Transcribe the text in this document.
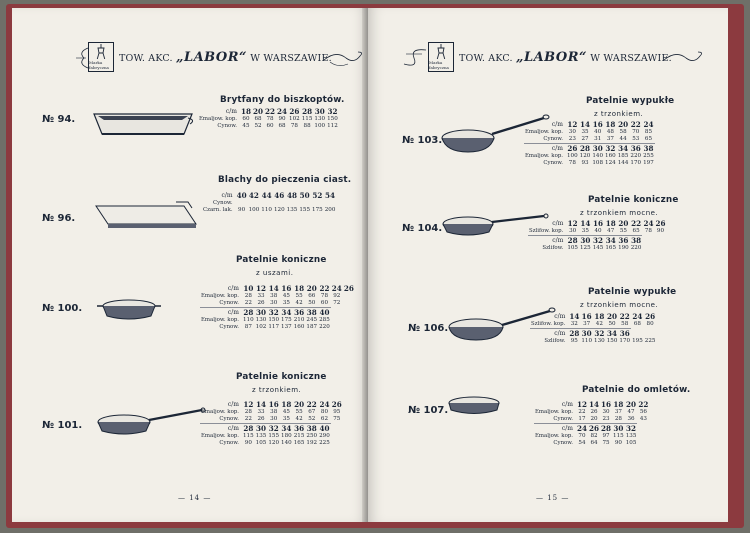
Marka fabryczna
TOW. AKC. „LABOR“ W WARSZAWIE.
№ 94.
Brytfany do biszkoptów.
c/m	18	20	22	24	26	28	30	32
Emaljow. kop.	60	68	78	90	102	115	130	150
Cynow.	45	52	60	68	78	88	100	112
Blachy do pieczenia ciast.
№ 96.
c/m	40	42	44	46	48	50	52	54
Cynow.								
Czarn. lak.	90	100	110	120	135	155	175	200
Patelnie koniczne
z uszami.
№ 100.
c/m	10	12	14	16	18	20	22	24	26
Emaljow. kop.	28	33	38	45	55	66	78	92	
Cynow.	22	26	30	35	42	50	60	72	
c/m	28	30	32	34	36	38	40		
Emaljow. kop.	110	130	150	175	210	245	285		
Cynow.	87	102	117	137	160	187	220		
Patelnie koniczne
z trzonkiem.
№ 101.
c/m	12	14	16	18	20	22	24	26
Emaljow. kop.	28	33	38	45	55	67	80	95
Cynow.	22	26	30	35	42	52	62	75
c/m	28	30	32	34	36	38	40	
Emaljow. kop.	115	135	155	180	215	250	290	
Cynow.	90	105	120	140	165	192	225	
— 14 —
Marka fabryczna
TOW. AKC. „LABOR“ W WARSZAWIE.
Patelnie wypukłe
z trzonkiem.
№ 103.
c/m	12	14	16	18	20	22	24
Emaljow. kop.	30	35	40	48	58	70	85
Cynow.	23	27	31	37	44	53	65
c/m	26	28	30	32	34	36	38
Emaljow. kop.	100	120	140	160	185	220	255
Cynow.	78	93	108	124	144	170	197
Patelnie koniczne
z trzonkiem mocne.
№ 104.	c/m	12	14	16	18	20	22	24	26
Szlifow. kop.	30	35	40	47	55	65	78	90
c/m	28	30	32	34	36	38		
Szlifow.	105	125	145	165	190	220		
Patelnie wypukłe
z trzonkiem mocne.
№ 106.
c/m	14	16	18	20	22	24	26
Szlifow. kop.	32	37	42	50	58	68	80
c/m	28	30	32	34	36		
Szlifow.	95	110	130	150	170	195	225
Patelnie do omletów.
№ 107.
c/m	12	14	16	18	20	22
Emaljow. kop.	22	26	30	37	47	56
Cynow.	17	20	23	28	36	43
c/m	24	26	28	30	32	
Emaljow. kop.	70	82	97	115	135	
Cynow.	54	64	75	90	105	
— 15 —
